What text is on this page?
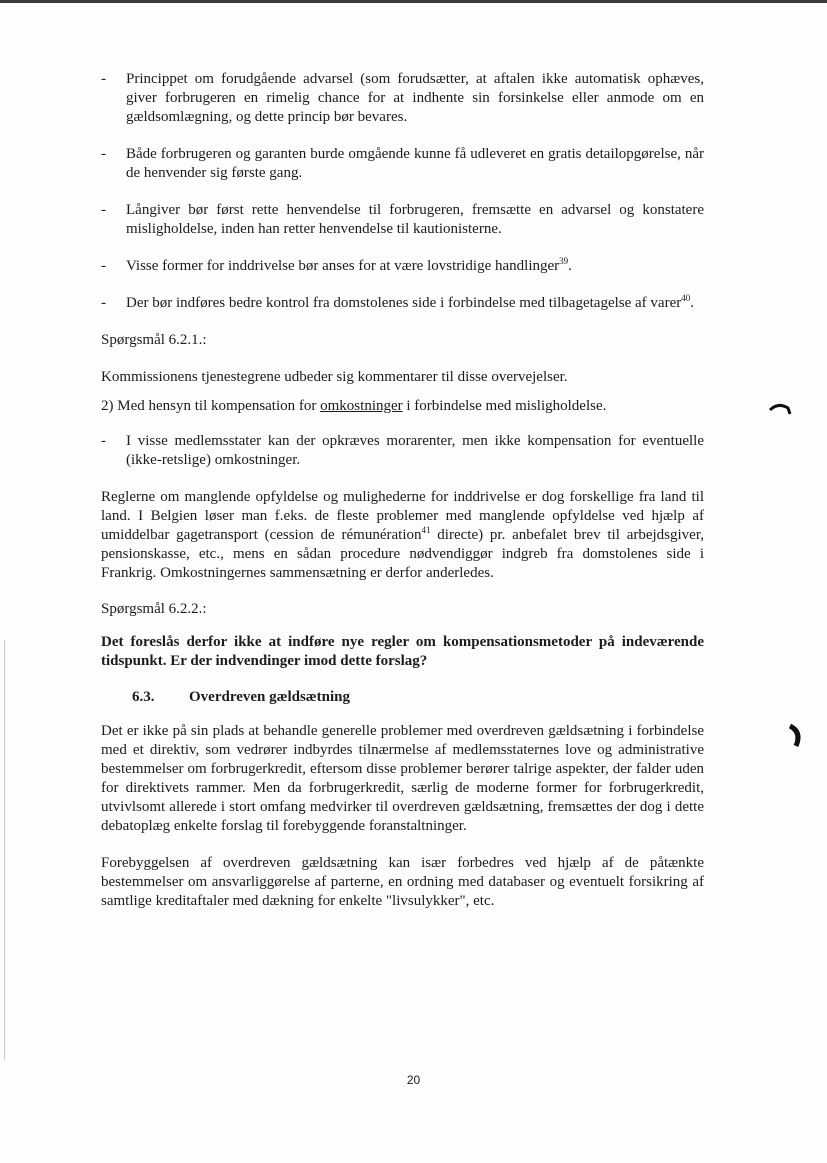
- Princippet om forudgående advarsel (som forudsætter, at aftalen ikke automatisk ophæves, giver forbrugeren en rimelig chance for at indhente sin forsinkelse eller anmode om en gældsomlægning, og dette princip bør bevares.
- Både forbrugeren og garanten burde omgående kunne få udleveret en gratis detailopgørelse, når de henvender sig første gang.
- Långiver bør først rette henvendelse til forbrugeren, fremsætte en advarsel og konstatere misligholdelse, inden han retter henvendelse til kautionisterne.
- Visse former for inddrivelse bør anses for at være lovstridige handlinger$^{39}$.
- Der bør indføres bedre kontrol fra domstolenes side i forbindelse med tilbagetagelse af varer$^{40}$.

Spørgsmål 6.2.1.:

Kommissionens tjenestegrene udbeder sig kommentarer til disse overvejelser.

2) Med hensyn til kompensation for omkostninger i forbindelse med misligholdelse.

- I visse medlemsstater kan der opkræves morarenter, men ikke kompensation for eventuelle (ikke-retslige) omkostninger.

Reglerne om manglende opfyldelse og mulighederne for inddrivelse er dog forskellige fra land til land. I Belgien løser man f.eks. de fleste problemer med manglende opfyldelse ved hjælp af umiddelbar gagetransport (cession de rémunération$^{41}$ directe) pr. anbefalet brev til arbejdsgiver, pensionskasse, etc., mens en sådan procedure nødvendiggør indgreb fra domstolenes side i Frankrig. Omkostningernes sammensætning er derfor anderledes.

Spørgsmål 6.2.2.:

Det foreslås derfor ikke at indføre nye regler om kompensationsmetoder på indeværende tidspunkt. Er der indvendinger imod dette forslag?

6.3. Overdreven gældsætning

Det er ikke på sin plads at behandle generelle problemer med overdreven gældsætning i forbindelse med et direktiv, som vedrører indbyrdes tilnærmelse af medlemsstaternes love og administrative bestemmelser om forbrugerkredit, eftersom disse problemer berører talrige aspekter, der falder uden for direktivets rammer. Men da forbrugerkredit, særlig de moderne former for forbrugerkredit, utvivlsomt allerede i stort omfang medvirker til overdreven gældsætning, fremsættes der dog i dette debatoplæg enkelte forslag til forebyggende foranstaltninger.

Forebyggelsen af overdreven gældsætning kan især forbedres ved hjælp af de påtænkte bestemmelser om ansvarliggørelse af parterne, en ordning med databaser og eventuelt forsikring af samtlige kreditaftaler med dækning for enkelte "livsulykker", etc.

20
